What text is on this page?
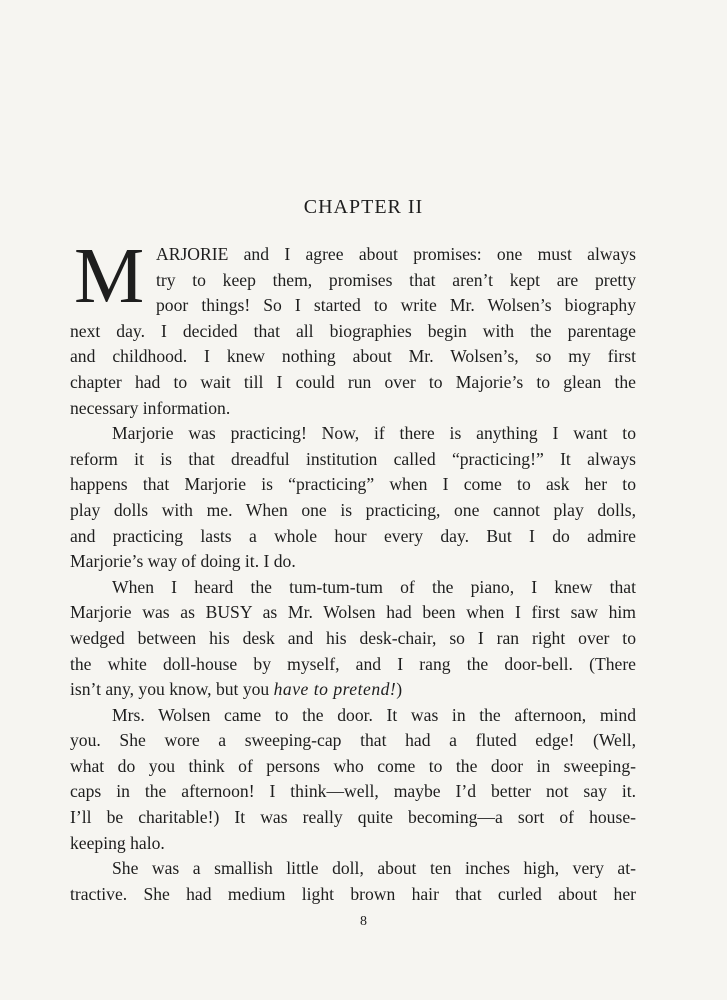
CHAPTER II
M ARJORIE and I agree about promises: one must always
try to keep them, promises that aren’t kept are pretty
poor things! So I started to write Mr. Wolsen’s biography
next day. I decided that all biographies begin with the parentage
and childhood. I knew nothing about Mr. Wolsen’s, so my first
chapter had to wait till I could run over to Majorie’s to glean the
necessary information.
Marjorie was practicing! Now, if there is anything I want to
reform it is that dreadful institution called “practicing!” It always
happens that Marjorie is “practicing” when I come to ask her to
play dolls with me. When one is practicing, one cannot play dolls,
and practicing lasts a whole hour every day. But I do admire
Marjorie’s way of doing it. I do.
When I heard the tum-tum-tum of the piano, I knew that
Marjorie was as BUSY as Mr. Wolsen had been when I first saw him
wedged between his desk and his desk-chair, so I ran right over to
the white doll-house by myself, and I rang the door-bell. (There
isn’t any, you know, but you have to pretend!)
Mrs. Wolsen came to the door. It was in the afternoon, mind
you. She wore a sweeping-cap that had a fluted edge! (Well,
what do you think of persons who come to the door in sweeping-
caps in the afternoon! I think—well, maybe I’d better not say it.
I’ll be charitable!) It was really quite becoming—a sort of house-
keeping halo.
She was a smallish little doll, about ten inches high, very at-
tractive. She had medium light brown hair that curled about her
8
